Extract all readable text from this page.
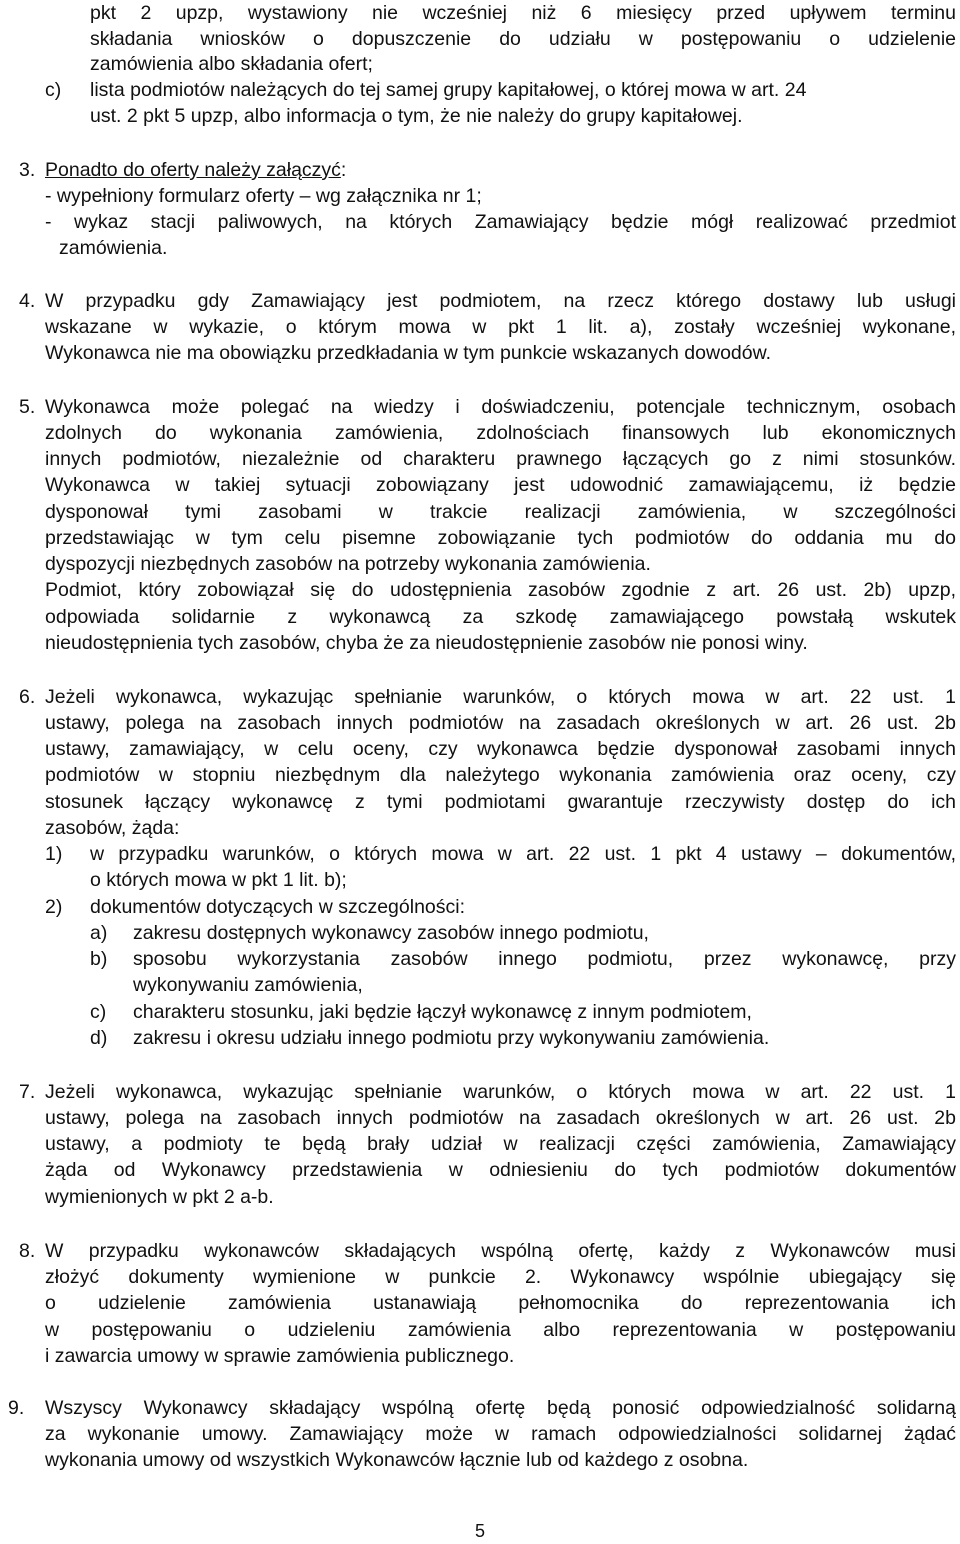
pkt 2 upzp, wystawiony nie wcześniej niż 6 miesięcy przed upływem terminu
składania wniosków o dopuszczenie do udziału w postępowaniu o udzielenie
zamówienia albo składania ofert;
c) lista podmiotów należących do tej samej grupy kapitałowej, o której mowa w art. 24
ust. 2 pkt 5 upzp, albo informacja o tym, że nie należy do grupy kapitałowej.
3. Ponadto do oferty należy załączyć:
- wypełniony formularz oferty – wg załącznika nr 1;
- wykaz stacji paliwowych, na których Zamawiający będzie mógł realizować przedmiot
zamówienia.
4. W przypadku gdy Zamawiający jest podmiotem, na rzecz którego dostawy lub usługi
wskazane w wykazie, o którym mowa w pkt 1 lit. a), zostały wcześniej wykonane,
Wykonawca nie ma obowiązku przedkładania w tym punkcie wskazanych dowodów.
5. Wykonawca może polegać na wiedzy i doświadczeniu, potencjale technicznym, osobach
zdolnych do wykonania zamówienia, zdolnościach finansowych lub ekonomicznych
innych podmiotów, niezależnie od charakteru prawnego łączących go z nimi stosunków.
Wykonawca w takiej sytuacji zobowiązany jest udowodnić zamawiającemu, iż będzie
dysponował tymi zasobami w trakcie realizacji zamówienia, w szczególności
przedstawiając w tym celu pisemne zobowiązanie tych podmiotów do oddania mu do
dyspozycji niezbędnych zasobów na potrzeby wykonania zamówienia.
Podmiot, który zobowiązał się do udostępnienia zasobów zgodnie z art. 26 ust. 2b) upzp,
odpowiada solidarnie z wykonawcą za szkodę zamawiającego powstałą wskutek
nieudostępnienia tych zasobów, chyba że za nieudostępnienie zasobów nie ponosi winy.
6. Jeżeli wykonawca, wykazując spełnianie warunków, o których mowa w art. 22 ust. 1
ustawy, polega na zasobach innych podmiotów na zasadach określonych w art. 26 ust. 2b
ustawy, zamawiający, w celu oceny, czy wykonawca będzie dysponował zasobami innych
podmiotów w stopniu niezbędnym dla należytego wykonania zamówienia oraz oceny, czy
stosunek łączący wykonawcę z tymi podmiotami gwarantuje rzeczywisty dostęp do ich
zasobów, żąda:
1) w przypadku warunków, o których mowa w art. 22 ust. 1 pkt 4 ustawy – dokumentów,
o których mowa w pkt 1 lit. b);
2) dokumentów dotyczących w szczególności:
a) zakresu dostępnych wykonawcy zasobów innego podmiotu,
b) sposobu wykorzystania zasobów innego podmiotu, przez wykonawcę, przy
wykonywaniu zamówienia,
c) charakteru stosunku, jaki będzie łączył wykonawcę z innym podmiotem,
d) zakresu i okresu udziału innego podmiotu przy wykonywaniu zamówienia.
7. Jeżeli wykonawca, wykazując spełnianie warunków, o których mowa w art. 22 ust. 1
ustawy, polega na zasobach innych podmiotów na zasadach określonych w art. 26 ust. 2b
ustawy, a podmioty te będą brały udział w realizacji części zamówienia, Zamawiający
żąda od Wykonawcy przedstawienia w odniesieniu do tych podmiotów dokumentów
wymienionych w pkt 2 a-b.
8. W przypadku wykonawców składających wspólną ofertę, każdy z Wykonawców musi
złożyć dokumenty wymienione w punkcie 2. Wykonawcy wspólnie ubiegający się
o udzielenie zamówienia ustanawiają pełnomocnika do reprezentowania ich
w postępowaniu o udzieleniu zamówienia albo reprezentowania w postępowaniu
i zawarcia umowy w sprawie zamówienia publicznego.
9. Wszyscy Wykonawcy składający wspólną ofertę będą ponosić odpowiedzialność solidarną
za wykonanie umowy. Zamawiający może w ramach odpowiedzialności solidarnej żądać
wykonania umowy od wszystkich Wykonawców łącznie lub od każdego z osobna.
5
